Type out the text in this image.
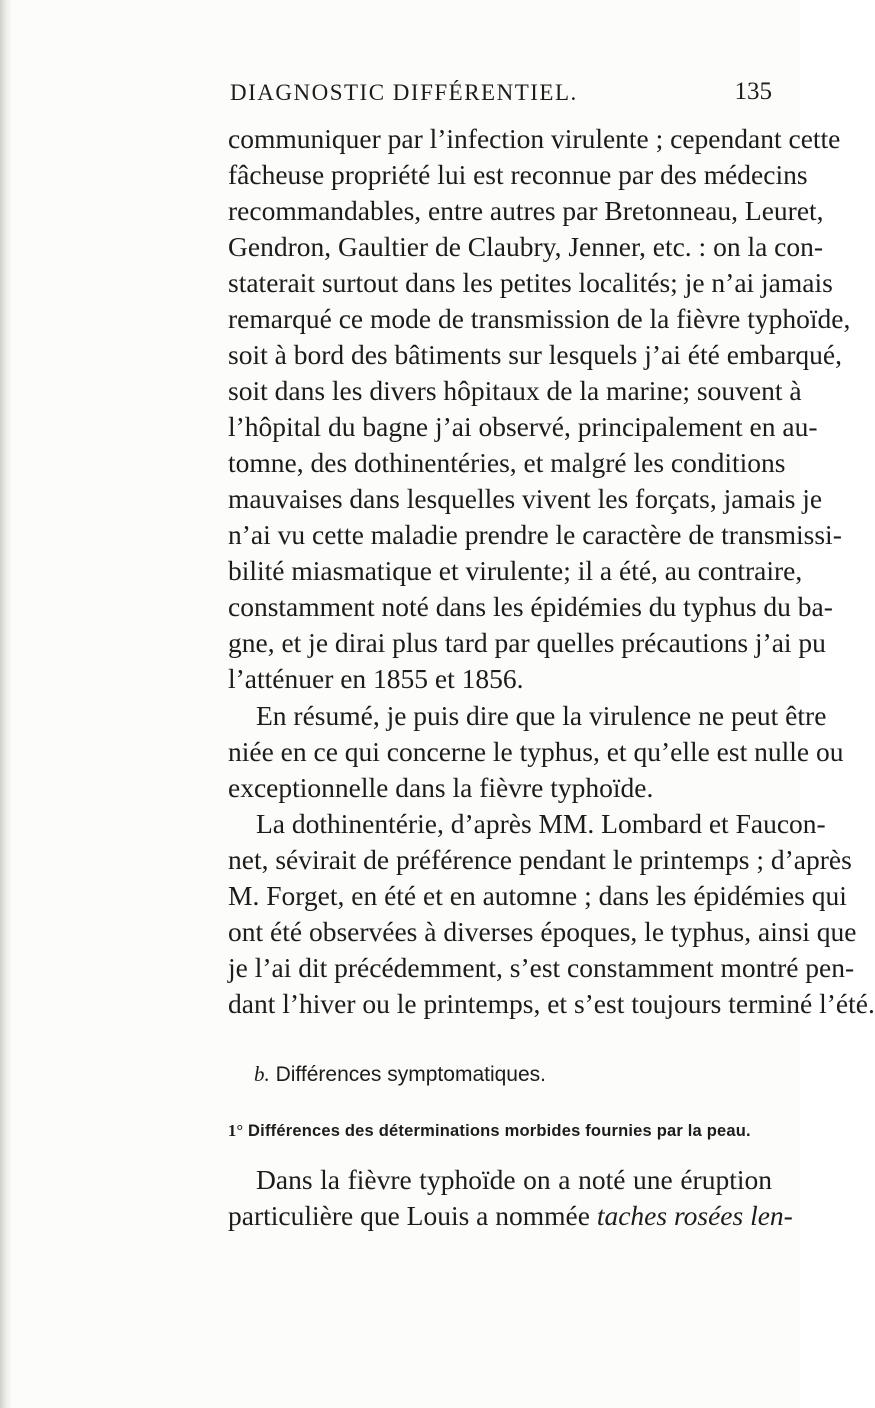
DIAGNOSTIC DIFFÉRENTIEL.	135
communiquer par l’infection virulente ; cependant cette
fâcheuse propriété lui est reconnue par des médecins
recommandables, entre autres par Bretonneau, Leuret,
Gendron, Gaultier de Claubry, Jenner, etc. : on la con-
staterait surtout dans les petites localités; je n’ai jamais
remarqué ce mode de transmission de la fièvre typhoïde,
soit à bord des bâtiments sur lesquels j’ai été embarqué,
soit dans les divers hôpitaux de la marine; souvent à
l’hôpital du bagne j’ai observé, principalement en au-
tomne, des dothinentéries, et malgré les conditions
mauvaises dans lesquelles vivent les forçats, jamais je
n’ai vu cette maladie prendre le caractère de transmissi-
bilité miasmatique et virulente; il a été, au contraire,
constamment noté dans les épidémies du typhus du ba-
gne, et je dirai plus tard par quelles précautions j’ai pu
l’atténuer en 1855 et 1856.
En résumé, je puis dire que la virulence ne peut être
niée en ce qui concerne le typhus, et qu’elle est nulle ou
exceptionnelle dans la fièvre typhoïde.
La dothinentérie, d’après MM. Lombard et Faucon-
net, sévirait de préférence pendant le printemps ; d’après
M. Forget, en été et en automne ; dans les épidémies qui
ont été observées à diverses époques, le typhus, ainsi que
je l’ai dit précédemment, s’est constamment montré pen-
dant l’hiver ou le printemps, et s’est toujours terminé l’été.
b. Différences symptomatiques.
1° Différences des déterminations morbides fournies par la peau.
Dans la fièvre typhoïde on a noté une éruption
particulière que Louis a nommée taches rosées len-
